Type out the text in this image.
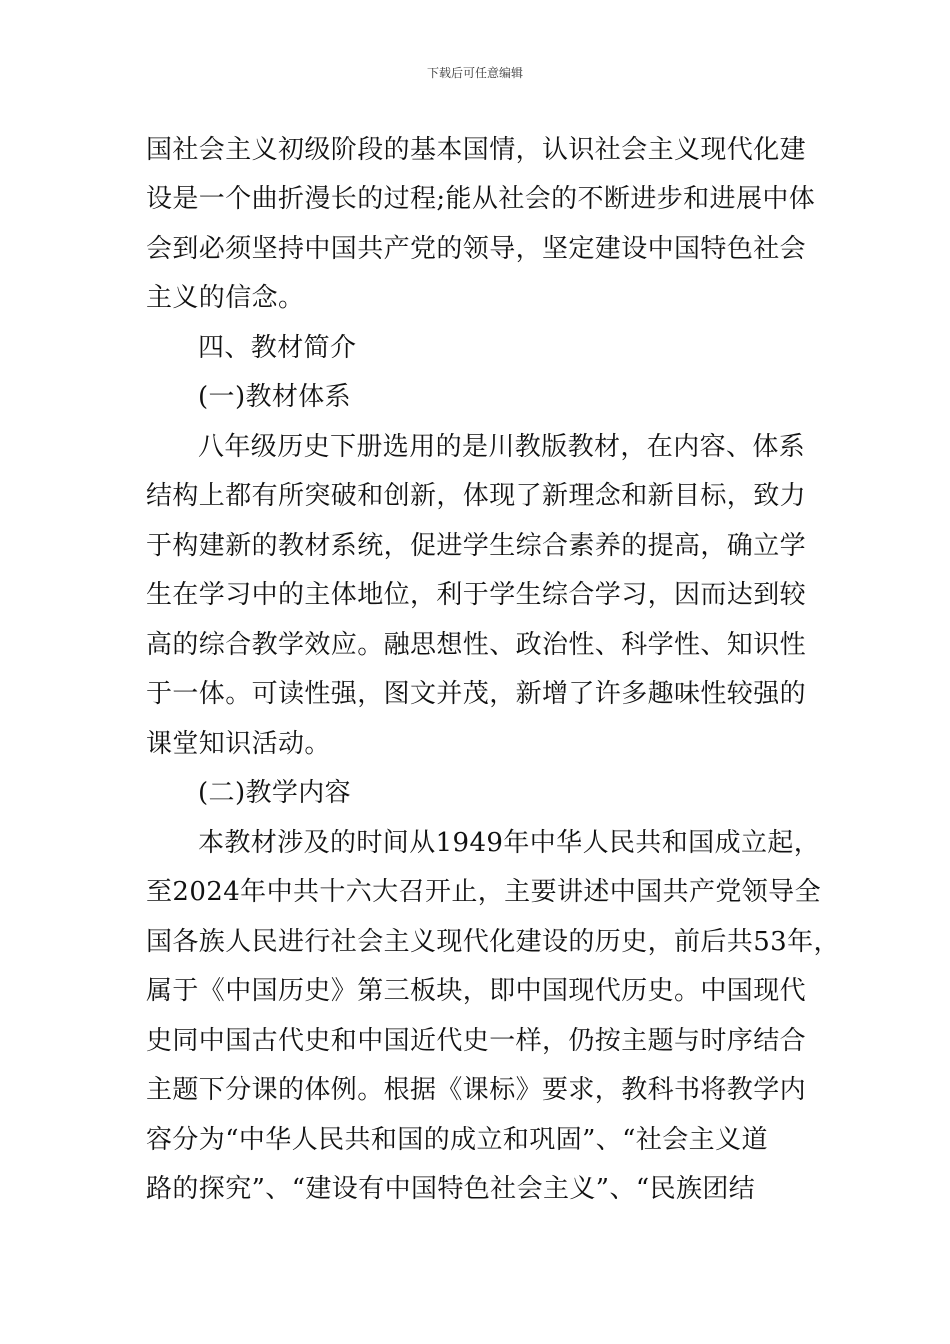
下载后可任意编辑
国社会主义初级阶段的基本国情，认识社会主义现代化建
设是一个曲折漫长的过程;能从社会的不断进步和进展中体
会到必须坚持中国共产党的领导，坚定建设中国特色社会
主义的信念。
四、教材简介
(一)教材体系
八年级历史下册选用的是川教版教材，在内容、体系
结构上都有所突破和创新，体现了新理念和新目标，致力
于构建新的教材系统，促进学生综合素养的提高，确立学
生在学习中的主体地位，利于学生综合学习，因而达到较
高的综合教学效应。融思想性、政治性、科学性、知识性
于一体。可读性强，图文并茂，新增了许多趣味性较强的
课堂知识活动。
(二)教学内容
本教材涉及的时间从1949年中华人民共和国成立起，
至2024年中共十六大召开止，主要讲述中国共产党领导全
国各族人民进行社会主义现代化建设的历史，前后共53年，
属于《中国历史》第三板块，即中国现代历史。中国现代
史同中国古代史和中国近代史一样，仍按主题与时序结合
主题下分课的体例。根据《课标》要求，教科书将教学内
容分为“中华人民共和国的成立和巩固”、“社会主义道
路的探究”、“建设有中国特色社会主义”、“民族团结
